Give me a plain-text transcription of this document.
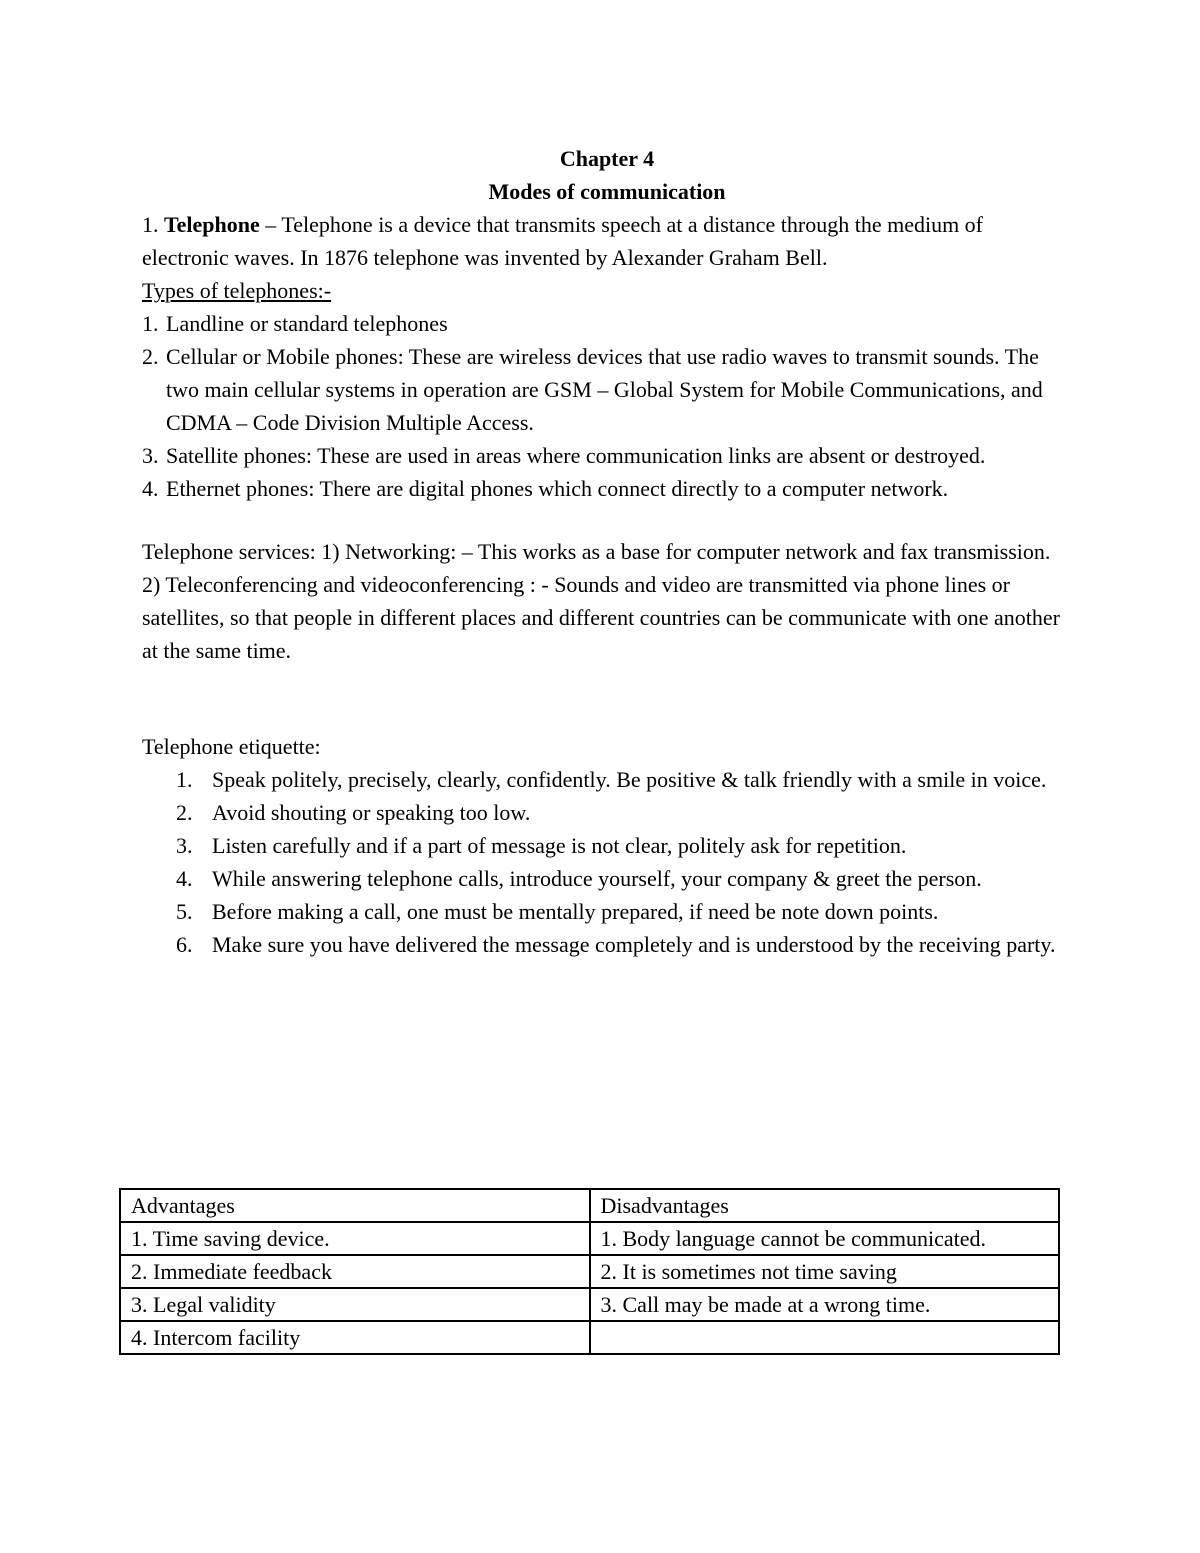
Chapter 4
Modes of communication
1. Telephone – Telephone is a device that transmits speech at a distance through the medium of electronic waves. In 1876 telephone was invented by Alexander Graham Bell.
Types of telephones:-
1. Landline or standard telephones
2. Cellular or Mobile phones: These are wireless devices that use radio waves to transmit sounds. The two main cellular systems in operation are GSM – Global System for Mobile Communications, and CDMA – Code Division Multiple Access.
3. Satellite phones: These are used in areas where communication links are absent or destroyed.
4. Ethernet phones: There are digital phones which connect directly to a computer network.
Telephone services: 1) Networking: – This works as a base for computer network and fax transmission.
2) Teleconferencing and videoconferencing : - Sounds and video are transmitted via phone lines or satellites, so that people in different places and different countries can be communicate with one another at the same time.
Telephone etiquette:
1. Speak politely, precisely, clearly, confidently. Be positive & talk friendly with a smile in voice.
2. Avoid shouting or speaking too low.
3. Listen carefully and if a part of message is not clear, politely ask for repetition.
4. While answering telephone calls, introduce yourself, your company & greet the person.
5. Before making a call, one must be mentally prepared, if need be note down points.
6. Make sure you have delivered the message completely and is understood by the receiving party.
Advantages	Disadvantages
1. Time saving device.	1. Body language cannot be communicated.
2. Immediate feedback	2. It is sometimes not time saving
3. Legal validity	3. Call may be made at a wrong time.
4. Intercom facility	
